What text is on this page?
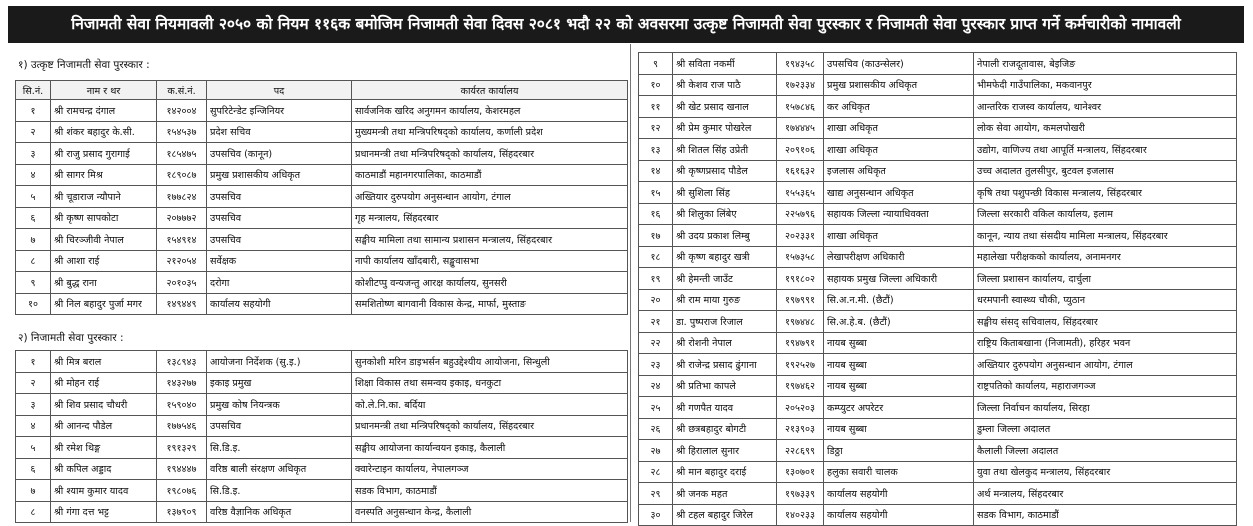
निजामती सेवा नियमावली २०५० को नियम ११६क बमोजिम निजामती सेवा दिवस २०८१ भदौ २२ को अवसरमा उत्कृष्ट निजामती सेवा पुरस्कार र निजामती सेवा पुरस्कार प्राप्त गर्ने कर्मचारीको नामावली
१) उत्कृष्ट निजामती सेवा पुरस्कार :
सि.नं.	नाम र थर	क.सं.नं.	पद	कार्यरत कार्यालय
१	श्री रामचन्द्र दंगाल	१४२००४	सुपरिटेन्डेट इन्जिनियर	सार्वजनिक खरिद अनुगमन कार्यालय, केशरमहल
२	श्री शंकर बहादुर के.सी.	१५४५३७	प्रदेश सचिव	मुख्यमन्त्री तथा मन्त्रिपरिषद्को कार्यालय, कर्णाली प्रदेश
३	श्री राजु प्रसाद गुरागाई	१८५४७५	उपसचिव (कानून)	प्रधानमन्त्री तथा मन्त्रिपरिषद्को कार्यालय, सिंहदरबार
४	श्री सागर मिश्र	१८९०८७	प्रमुख प्रशासकीय अधिकृत	काठमाडौं महानगरपालिका, काठमाडौं
५	श्री चूडाराज न्यौपाने	१७७८२४	उपसचिव	अख्तियार दुरुपयोग अनुसन्धान आयोग, टंगाल
६	श्री कृष्ण सापकोटा	२०७७७२	उपसचिव	गृह मन्त्रालय, सिंहदरबार
७	श्री चिरञ्जीवी नेपाल	१५४९१४	उपसचिव	सङ्घीय मामिला तथा सामान्य प्रशासन मन्त्रालय, सिंहदरबार
८	श्री आशा राई	२१२०५४	सर्वेक्षक	नापी कार्यालय खाँदबारी, सङ्खुवासभा
९	श्री बुद्ध राना	२०१०३५	दरोगा	कोशीटप्पु वन्यजन्तु आरक्ष कार्यालय, सुनसरी
१०	श्री निल बहादुर पुर्जा मगर	१४९४४९	कार्यालय सहयोगी	समशितोष्ण बागवानी विकास केन्द्र, मार्फा, मुस्ताङ
२) निजामती सेवा पुरस्कार :
१	श्री मित्र बराल	१३८९४३	आयोजना निर्देशक (सु.इ.)	सुनकोशी मरिन डाइभर्सन बहुउद्देश्यीय आयोजना, सिन्धुली
२	श्री मोहन राई	१४३२७७	इकाइ प्रमुख	शिक्षा विकास तथा समन्वय इकाइ, धनकुटा
३	श्री शिव प्रसाद चौधरी	१५९०४०	प्रमुख कोष नियन्त्रक	को.ले.नि.का. बर्दिया
४	श्री आनन्द पौडेल	१७७५४६	उपसचिव	प्रधानमन्त्री तथा मन्त्रिपरिषद्को कार्यालय, सिंहदरबार
५	श्री रमेश थिङ्ग	१९१३२९	सि.डि.इ.	सङ्घीय आयोजना कार्यान्वयन इकाइ, कैलाली
६	श्री कपिल अड्डाद	१९४४४७	वरिष्ठ बाली संरक्षण अधिकृत	क्वारेन्टाइन कार्यालय, नेपालगञ्ज
७	श्री श्याम कुमार यादव	१९८०७६	सि.डि.इ.	सडक विभाग, काठमाडौं
८	श्री गंगा दत्त भट्ट	१३७९०९	वरिष्ठ वैज्ञानिक अधिकृत	वनस्पति अनुसन्धान केन्द्र, कैलाली
९	श्री सविता नकर्मी	१९४३५८	उपसचिव (काउन्सेलर)	नेपाली राजदूतावास, बेइजिङ
१०	श्री केशव राज पाठै	१७२३३४	प्रमुख प्रशासकीय अधिकृत	भीमफेदी गाउँपालिका, मकवानपुर
११	श्री खेट प्रसाद खनाल	१५७८४६	कर अधिकृत	आन्तरिक राजस्व कार्यालय, थानेश्वर
१२	श्री प्रेम कुमार पोखरेल	१७४४४५	शाखा अधिकृत	लोक सेवा आयोग, कमलपोखरी
१३	श्री शितल सिंह उप्रेती	२०९१०६	शाखा अधिकृत	उद्योग, वाणिज्य तथा आपूर्ति मन्त्रालय, सिंहदरबार
१४	श्री कृष्णप्रसाद पौडेल	१६१६३२	इजलास अधिकृत	उच्च अदालत तुलसीपुर, बुटवल इजलास
१५	श्री सुशिला सिंह	१५५३६५	खाद्य अनुसन्धान अधिकृत	कृषि तथा पशुपन्छी विकास मन्त्रालय, सिंहदरबार
१६	श्री शिलुका लिंबेए	२२५७९६	सहायक जिल्ला न्यायाधिवक्ता	जिल्ला सरकारी वकिल कार्यालय, इलाम
१७	श्री उदय प्रकाश लिम्बु	२०२३३१	शाखा अधिकृत	कानून, न्याय तथा संसदीय मामिला मन्त्रालय, सिंहदरबार
१८	श्री कृष्ण बहादुर खत्री	१५७३५८	लेखापरीक्षण अधिकारी	महालेखा परीक्षकको कार्यालय, अनामनगर
१९	श्री हेमन्ती जाउँट	१९१८०२	सहायक प्रमुख जिल्ला अधिकारी	जिल्ला प्रशासन कार्यालय, दार्चुला
२०	श्री राम माया गुरुङ	१९७९९१	सि.अ.न.मी. (छैटौं)	धरमपानी स्वास्थ्य चौकी, प्युठान
२१	डा. पुष्पराज रिजाल	१९७४४८	सि.अ.हे.ब. (छैटौं)	सङ्घीय संसद् सचिवालय, सिंहदरबार
२२	श्री रोशनी नेपाल	१९४७९१	नायब सुब्बा	राष्ट्रिय किताबखाना (निजामती), हरिहर भवन
२३	श्री राजेन्द्र प्रसाद ढुंगाना	१९२५२७	नायब सुब्बा	अख्तियार दुरुपयोग अनुसन्धान आयोग, टंगाल
२४	श्री प्रतिभा कापले	१९७४६२	नायब सुब्बा	राष्ट्रपतिको कार्यालय, महाराजगञ्ज
२५	श्री गणपैत यादव	२०५२०३	कम्प्युटर अपरेटर	जिल्ला निर्वाचन कार्यालय, सिरहा
२६	श्री छत्रबहादुर बोगटी	२१३९०३	नायब सुब्बा	डुम्ला जिल्ला अदालत
२७	श्री हिरालाल सुनार	२२८६९९	डिठ्ठा	कैलाली जिल्ला अदालत
२८	श्री मान बहादुर दराई	१३०७०१	हलुका सवारी चालक	युवा तथा खेलकुद मन्त्रालय, सिंहदरबार
२९	श्री जनक महत	१९७३३९	कार्यालय सहयोगी	अर्थ मन्त्रालय, सिंहदरबार
३०	श्री टहल बहादुर जिरेल	१४०२३३	कार्यालय सहयोगी	सडक विभाग, काठमाडौं
